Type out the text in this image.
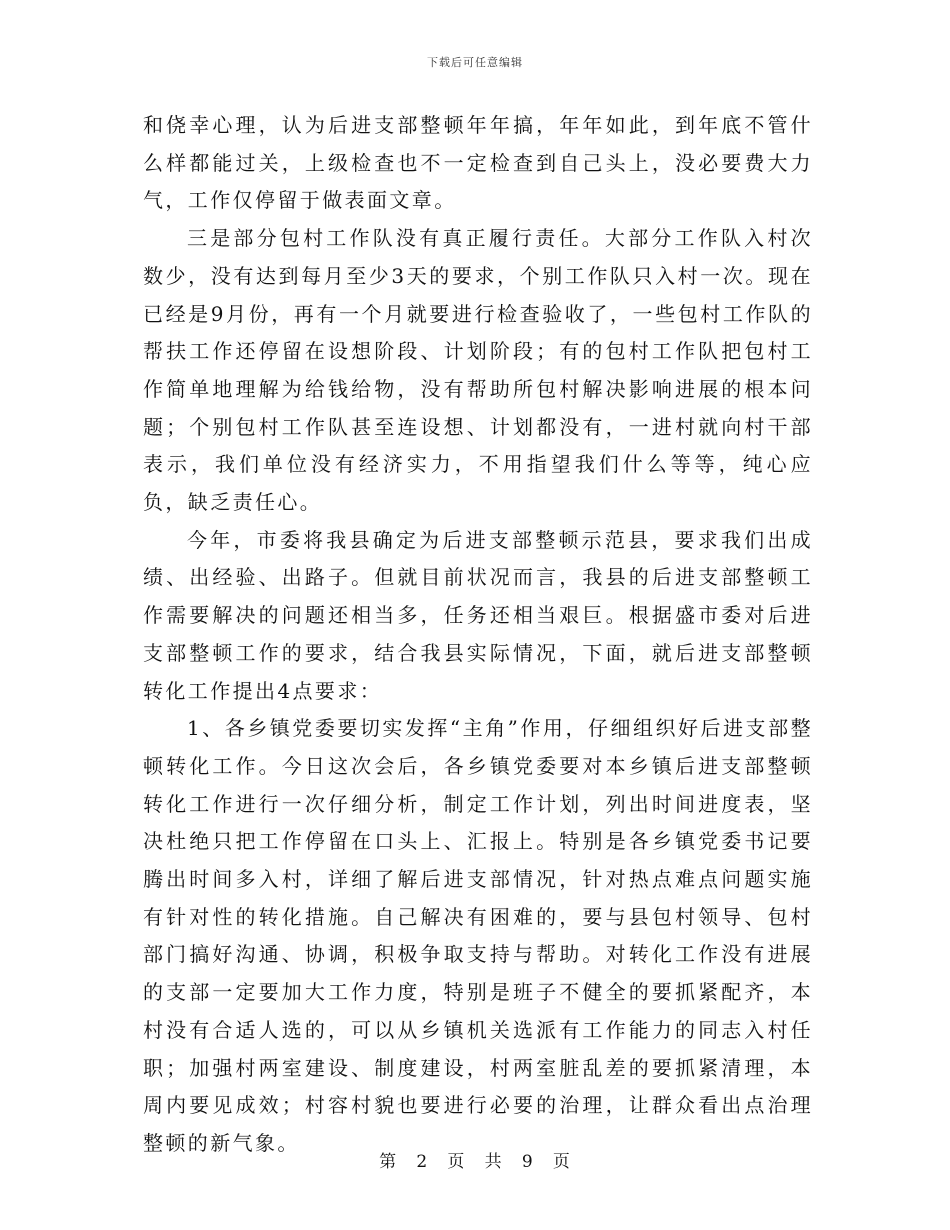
下载后可任意编辑

和侥幸心理，认为后进支部整顿年年搞，年年如此，到年底不管什么样都能过关，上级检查也不一定检查到自己头上，没必要费大力气，工作仅停留于做表面文章。

三是部分包村工作队没有真正履行责任。大部分工作队入村次数少，没有达到每月至少3天的要求，个别工作队只入村一次。现在已经是9月份，再有一个月就要进行检查验收了，一些包村工作队的帮扶工作还停留在设想阶段、计划阶段；有的包村工作队把包村工作简单地理解为给钱给物，没有帮助所包村解决影响进展的根本问题；个别包村工作队甚至连设想、计划都没有，一进村就向村干部表示，我们单位没有经济实力，不用指望我们什么等等，纯心应负，缺乏责任心。

今年，市委将我县确定为后进支部整顿示范县，要求我们出成绩、出经验、出路子。但就目前状况而言，我县的后进支部整顿工作需要解决的问题还相当多，任务还相当艰巨。根据盛市委对后进支部整顿工作的要求，结合我县实际情况，下面，就后进支部整顿转化工作提出4点要求：

1、各乡镇党委要切实发挥“主角”作用，仔细组织好后进支部整顿转化工作。今日这次会后，各乡镇党委要对本乡镇后进支部整顿转化工作进行一次仔细分析，制定工作计划，列出时间进度表，坚决杜绝只把工作停留在口头上、汇报上。特别是各乡镇党委书记要腾出时间多入村，详细了解后进支部情况，针对热点难点问题实施有针对性的转化措施。自己解决有困难的，要与县包村领导、包村部门搞好沟通、协调，积极争取支持与帮助。对转化工作没有进展的支部一定要加大工作力度，特别是班子不健全的要抓紧配齐，本村没有合适人选的，可以从乡镇机关选派有工作能力的同志入村任职；加强村两室建设、制度建设，村两室脏乱差的要抓紧清理，本周内要见成效；村容村貌也要进行必要的治理，让群众看出点治理整顿的新气象。

第 2 页 共 9 页
